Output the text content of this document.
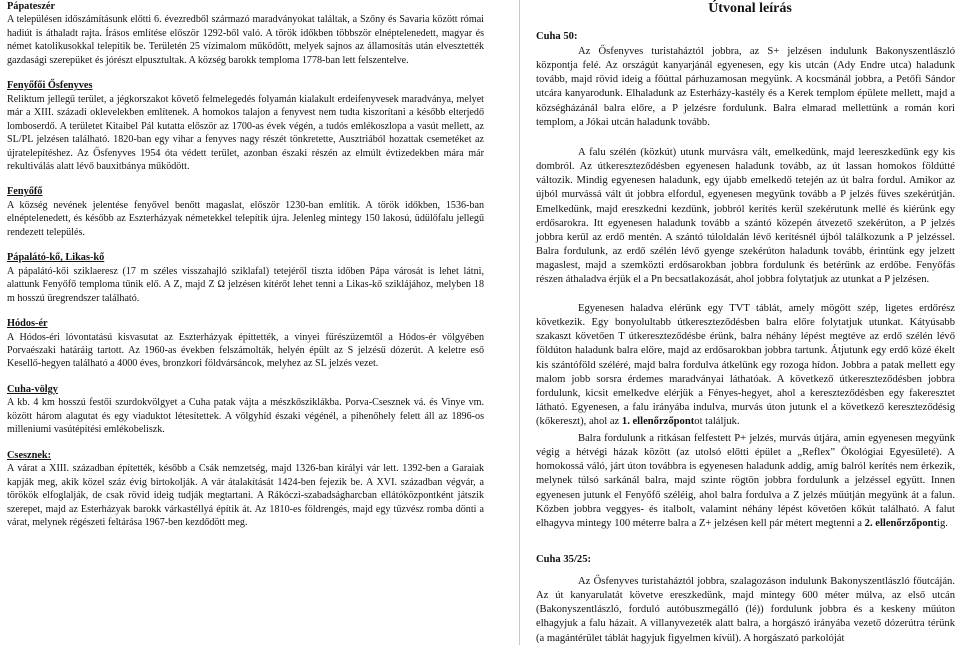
Pápateszér

A településen időszámításunk előtti 6. évezredből származó maradványokat találtak, a Szőny és Savaria között római hadiút is áthaladt rajta. Írásos említése először 1292-ből való. A török időkben többször elnéptelenedett, magyar és német katolikusokkal telepítik be. Területén 25 vízimalom működött, melyek sajnos az államosítás után elvesztették gazdasági szerepüket és jórészt elpusztultak. A község barokk temploma 1778-ban lett felszentelve.

Fenyőfői Ősfenyves

Reliktum jellegű terület, a jégkorszakot követő felmelegedés folyamán kialakult erdeifenyvesek maradványa, melyet már a XIII. századi oklevelekben említenek. A homokos talajon a fenyvest nem tudta kiszorítani a később elterjedő lomboserdő. A területet Kitaibel Pál kutatta először az 1700-as évek végén, a tudós emlékoszlopa a vasút mellett, az SL/PL jelzésen található. 1820-ban egy vihar a fenyves nagy részét tönkretette, Ausztriából hozattak csemetéket az újratelepítéshez. Az Ősfenyves 1954 óta védett terület, azonban északi részén az elmúlt évtizedekben mára már rekultiválás alatt lévő bauxitbánya működött.

Fenyőfő

A község nevének jelentése fenyővel benőtt magaslat, először 1230-ban említik. A török időkben, 1536-ban elnéptelenedett, és később az Eszterházyak németekkel telepítik újra. Jelenleg mintegy 150 lakosú, üdülőfalu jellegű rendezett település.

Pápalátó-kő, Likas-kő

A pápalátó-kői sziklaeresz (17 m széles visszahajló sziklafal) tetejéről tiszta időben Pápa városát is lehet látni, alattunk Fenyőfő temploma tűnik elő. A Z, majd Z Ω jelzésen kitérőt lehet tenni a Likas-kő sziklájához, melyben 18 m hosszú üregrendszer található.

Hódos-ér

A Hódos-éri lóvontatású kisvasutat az Eszterházyak építtették, a vinyei fűrészüzemtől a Hódos-ér völgyében Porvaészaki határáig tartott. Az 1960-as években felszámolták, helyén épült az S jelzésű dózerút. A keletre eső Kesellő-hegyen található a 4000 éves, bronzkori földvársáncok, melyhez az SL jelzés vezet.

Cuha-völgy

A kb. 4 km hosszú festői szurdokvölgyet a Cuha patak vájta a mészkősziklákba. Porva-Csesznek vá. és Vinye vm. között három alagutat és egy viaduktot létesítettek. A völgyhíd északi végénél, a pihenőhely felett áll az 1896-os milleniumi vasútépítési emlékobeliszk.

Csesznek:

A várat a XIII. században építették, később a Csák nemzetség, majd 1326-ban királyi vár lett. 1392-ben a Garaiak kapják meg, akik közel száz évig birtokolják. A vár átalakítását 1424-ben fejezik be. A XVI. században végvár, a törökök elfoglalják, de csak rövid ideig tudják megtartani. A Rákóczi-szabadságharcban ellátóközpontként játszik szerepet, majd az Esterházyak barokk várkastéllyá építik át. Az 1810-es földrengés, majd egy tűzvész romba dönti a várat, melynek régészeti feltárása 1967-ben kezdődött meg.

Útvonal leírás
Cuha 50:
Cuha 35/25:

Az Ősfenyves turistaháztól jobbra, az S+ jelzésen indulunk Bakonyszentlászló központja felé. Az országút kanyarjánál egyenesen, egy kis utcán (Ady Endre utca) haladunk tovább, majd rövid ideig a főúttal párhuzamosan megyünk. A kocsmánál jobbra, a Petőfi Sándor utcára kanyarodunk. Elhaladunk az Esterházy-kastély és a Kerek templom épülete mellett, majd a községházánál balra előre, a P jelzésre fordulunk. Balra elmarad mellettünk a román kori templom, a Jókai utcán haladunk tovább.

A falu szélén (közkút) utunk murvásra vált, emelkedünk, majd leereszkedünk egy kis dombról. Az útkereszteződésben egyenesen haladunk tovább, az út lassan homokos földútté változik. Mindig egyenesen haladunk, egy újabb emelkedő tetején az út balra fordul. Amikor az újból murvássá vált út jobbra elfordul, egyenesen megyünk tovább a P jelzés füves szekérútján. Emelkedünk, majd ereszkedni kezdünk, jobbról kerítés kerül szekérutunk mellé és kiérünk egy erdősarokra. Itt egyenesen haladunk tovább a szántó közepén átvezető szekérúton, a P jelzés jobbra kerül az erdő mentén. A szántó túloldalán lévő kerítésnél újból találkozunk a P jelzéssel. Balra fordulunk, az erdő szélén lévő gyenge szekérúton haladunk tovább, érintünk egy jelzett magaslest, majd a szemközti erdősarokban jobbra fordulunk és betérünk az erdőbe. Fenyőfás részen áthaladva érjük el a Pn becsatlakozását, ahol jobbra folytatjuk az utunkat a P jelzésen.

Egyenesen haladva elérünk egy TVT táblát, amely mögött szép, ligetes erdőrész következik. Egy bonyolultabb útkereszteződésben balra előre folytatjuk utunkat. Kátyúsabb szakaszt követően T útkereszteződésbe érünk, balra néhány lépést megtéve az erdő szélén lévő földúton haladunk balra előre, majd az erdősarokban jobbra tartunk. Átjutunk egy erdő közé ékelt kis szántóföld széléré, majd balra fordulva átkelünk egy rozoga hídon. Jobbra a patak mellett egy malom jobb sorsra érdemes maradványai láthatóak. A következő útkereszteződésben jobbra fordulunk, kicsit emelkedve elérjük a Fényes-hegyet, ahol a kereszteződésben egy fakeresztet látható. Egyenesen, a falu irányába indulva, murvás úton jutunk el a következő kereszteződésig (kőkereszt), ahol az 1. ellenőrzőpontot találjuk.

Balra fordulunk a ritkásan felfestett P+ jelzés, murvás útjára, amin egyenesen megyünk végig a hétvégi házak között (az utolsó előtti épület a „Reflex” Ökológiai Egyesületé). A homokossá váló, járt úton továbbra is egyenesen haladunk addig, amíg balról kerítés nem érkezik, melynek túlsó sarkánál balra, majd szinte rögtön jobbra fordulunk a jelzéssel együtt. Innen egyenesen jutunk el Fenyőfő széléig, ahol balra fordulva a Z jelzés műútján megyünk át a falun. Kőzben jobbra veggyes- és italbolt, valamint néhány lépést követően kőkút található. A falut elhagyva mintegy 100 méterre balra a Z+ jelzésen kell pár métert megtenni a 2. ellenőrzőpontig.

Az Ősfenyves turistaháztól jobbra, szalagozáson indulunk Bakonyszentlászló főutcáján. Az út kanyarulatát követve ereszkedünk, majd mintegy 600 méter múlva, az első utcán (Bakonyszentlászló, forduló autóbuszmegálló (lé)) fordulunk jobbra és a keskeny műúton elhagyjuk a falu házait. A villanyvezeték alatt balra, a horgászó irányába vezető dózerútra térünk (a magántérület táblát hagyjuk figyelmen kívül). A horgászató parkolóját
